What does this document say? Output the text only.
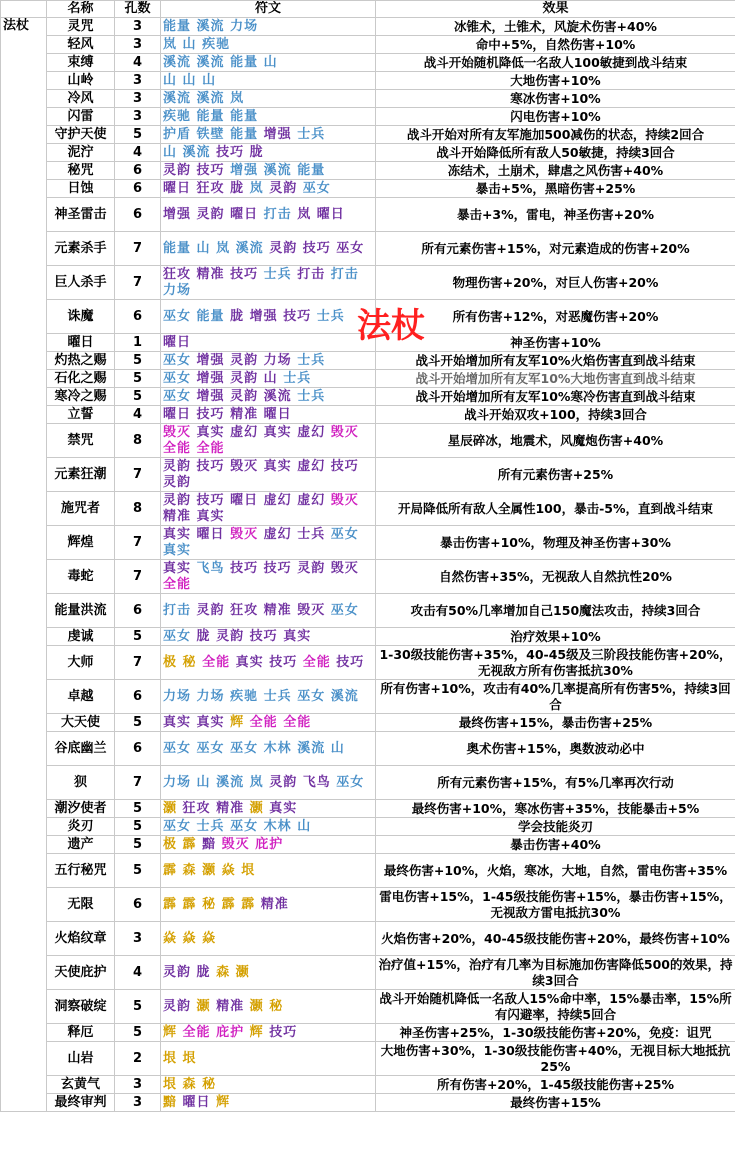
	名称	孔数	符文	效果
法杖	灵咒	3	能量 溪流 力场	冰锥术，土锥术，风旋术伤害+40%
	轻风	3	岚 山 疾驰	命中+5%，自然伤害+10%
	束缚	4	溪流 溪流 能量 山	战斗开始随机降低一名敌人100敏捷到战斗结束
	山岭	3	山 山 山	大地伤害+10%
	冷风	3	溪流 溪流 岚	寒冰伤害+10%
	闪雷	3	疾驰 能量 能量	闪电伤害+10%
	守护天使	5	护盾 铁壁 能量 增强 士兵	战斗开始对所有友军施加500减伤的状态，持续2回合
	泥泞	4	山 溪流 技巧 胧	战斗开始降低所有敌人50敏捷，持续3回合
	秘咒	6	灵韵 技巧 增强 溪流 能量	冻结术，土崩术，肆虐之风伤害+40%
	日蚀	6	曜日 狂攻 胧 岚 灵韵 巫女	暴击+5%，黑暗伤害+25%
	神圣雷击	6	增强 灵韵 曜日 打击 岚 曜日	暴击+3%，雷电，神圣伤害+20%
	元素杀手	7	能量 山 岚 溪流 灵韵 技巧 巫女	所有元素伤害+15%，对元素造成的伤害+20%
	巨人杀手	7	狂攻 精准 技巧 士兵 打击 打击 力场	物理伤害+20%，对巨人伤害+20%
	诛魔	6	巫女 能量 胧 增强 技巧 士兵	所有伤害+12%，对恶魔伤害+20%
	曜日	1	曜日	神圣伤害+10%
	灼热之赐	5	巫女 增强 灵韵 力场 士兵	战斗开始增加所有友军10%火焰伤害直到战斗结束
	石化之赐	5	巫女 增强 灵韵 山 士兵	战斗开始增加所有友军10%大地伤害直到战斗结束
	寒冷之赐	5	巫女 增强 灵韵 溪流 士兵	战斗开始增加所有友军10%寒冷伤害直到战斗结束
	立誓	4	曜日 技巧 精准 曜日	战斗开始双攻+100，持续3回合
	禁咒	8	毁灭 真实 虚幻 真实 虚幻 毁灭 全能 全能	星辰碎冰，地震术，风魔炮伤害+40%
	元素狂潮	7	灵韵 技巧 毁灭 真实 虚幻 技巧 灵韵	所有元素伤害+25%
	施咒者	8	灵韵 技巧 曜日 虚幻 虚幻 毁灭 精准 真实	开局降低所有敌人全属性100，暴击-5%，直到战斗结束
	辉煌	7	真实 曜日 毁灭 虚幻 士兵 巫女 真实	暴击伤害+10%，物理及神圣伤害+30%
	毒蛇	7	真实 飞鸟 技巧 技巧 灵韵 毁灭 全能	自然伤害+35%，无视敌人自然抗性20%
	能量洪流	6	打击 灵韵 狂攻 精准 毁灭 巫女	攻击有50%几率增加自己150魔法攻击，持续3回合
	虔诚	5	巫女 胧 灵韵 技巧 真实	治疗效果+10%
	大师	7	极 秘 全能 真实 技巧 全能 技巧	1-30级技能伤害+35%，40-45级及三阶段技能伤害+20%，无视敌方所有伤害抵抗30%
	卓越	6	力场 力场 疾驰 士兵 巫女 溪流	所有伤害+10%，攻击有40%几率提高所有伤害5%，持续3回合
	大天使	5	真实 真实 辉 全能 全能	最终伤害+15%，暴击伤害+25%
	谷底幽兰	6	巫女 巫女 巫女 木林 溪流 山	奥术伤害+15%，奥数波动必中
	狈	7	力场 山 溪流 岚 灵韵 飞鸟 巫女	所有元素伤害+15%，有5%几率再次行动
	潮汐使者	5	灏 狂攻 精准 灏 真实	最终伤害+10%，寒冰伤害+35%，技能暴击+5%
	炎刃	5	巫女 士兵 巫女 木林 山	学会技能炎刃
	遗产	5	极 霹 黯 毁灭 庇护	暴击伤害+40%
	五行秘咒	5	霹 森 灏 焱 垠	最终伤害+10%，火焰，寒冰，大地，自然，雷电伤害+35%
	无限	6	霹 霹 秘 霹 霹 精准	雷电伤害+15%，1-45级技能伤害+15%，暴击伤害+15%，无视敌方雷电抵抗30%
	火焰纹章	3	焱 焱 焱	火焰伤害+20%，40-45级技能伤害+20%，最终伤害+10%
	天使庇护	4	灵韵 胧 森 灏	治疗值+15%，治疗有几率为目标施加伤害降低500的效果，持续3回合
	洞察破绽	5	灵韵 灏 精准 灏 秘	战斗开始随机降低一名敌人15%命中率，15%暴击率，15%所有闪避率，持续5回合
	释厄	5	辉 全能 庇护 辉 技巧	神圣伤害+25%，1-30级技能伤害+20%，免疫：诅咒
	山岩	2	垠 垠	大地伤害+30%，1-30级技能伤害+40%，无视目标大地抵抗25%
	玄黄气	3	垠 森 秘	所有伤害+20%，1-45级技能伤害+25%
	最终审判	3	黯 曜日 辉	最终伤害+15%
法杖
